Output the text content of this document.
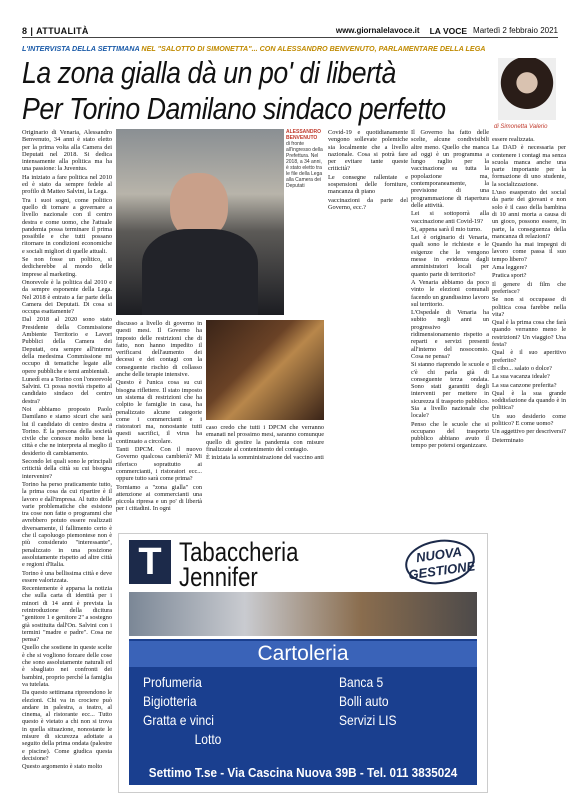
8 | ATTUALITÀ	www.giornalelavoce.it LA VOCE Martedì 2 febbraio 2021
L'INTERVISTA DELLA SETTIMANA NEL "SALOTTO DI SIMONETTA"... CON ALESSANDRO BENVENUTO, PARLAMENTARE DELLA LEGA
La zona gialla dà un po' di libertà
Per Torino Damilano sindaco perfetto
di Simonetta Valerio

Originario di Venaria, Alessandro Benvenuto, 34 anni è stato eletto per la prima volta alla Camera dei Deputati nel 2018. Si dedica intensamente alla politica ma ha una passione: la Juventus.

Ha iniziato a fare politica nel 2010 ed è stato da sempre fedele al profilo di Matteo Salvini, la Lega.

Tra i suoi sogni, come politico quello di tornare a governare a livello nazionale con il centro destra e come uomo, che l'attuale pandemia possa terminare il prima possibile e che tutti possano ritornare in condizioni economiche e sociali migliori di quelle attuali.

Se non fosse un politico, si dedicherebbe al mondo delle imprese al marketing.

Onorevole è la politica dal 2010 e da sempre esponente della Lega. Nel 2018 è entrato a far parte della Camera dei Deputati. Di cosa si occupa esattamente?

Dal 2018 al 2020 sono stato Presidente della Commissione Ambiente Territorio e Lavori Pubblici della Camera dei Deputati, ora sempre all'interno della medesima Commissione mi occupo di tematiche legate alle opere pubbliche e temi ambientali.

Lunedì era a Torino con l'onorevole Salvini. Ci possa novità rispetto al candidato sindaco del centro destra?

Noi abbiamo proposto Paolo Damilano e siamo sicuri che sarà lui il candidato di centro destra a Torino. È la persona della società civile che conosce molto bene la città e che ne interpreta al meglio il desiderio di cambiamento.

Secondo lei quali sono le principali criticità della città su cui bisogna intervenire?

Torino ha perso praticamente tutto, la prima cosa da cui ripartire è il lavoro e dall'impresa. Al tutto delle varie problematiche che esistono tra cose non fatte o programmi che avrebbero potuto essere realizzati diversamente, il fallimento certo è che il capoluogo piemontese non è più considerato "interessante", penalizzato in una posizione assolutamente rispetto ad altre città e regioni d'Italia.

Torino è una bellissima città e deve essere valorizzata.

Recentemente è apparsa la notizia che sulla carta di identità per i minori di 14 anni è prevista la reintroduzione della dicitura "genitore 1 e genitore 2" a sostegno già sostituita dall'On. Salvini con i termini "madre e padre". Cosa ne pensa?

Quello che sostiene in queste scelte è che si vogliono forzare delle cose che sono assolutamente naturali ed è sbagliato nei confronti dei bambini, proprio perché la famiglia va tutelata.

Da questo settimana ripreendono le elezioni. Chi va in crociere può andare in palestra, a teatro, al cinema, al ristorante ecc... Tutto questo è vietato a chi non si trova in quella situazione, nonostante le misure di sicurezza adottate a seguito della prima ondata (palestre e piscine). Come giudica questa decisione?

Questo argomento è stato molto

ALESSANDRO BENVENUTO
di fronte all'ingresso della Prefettura. Nel 2018, a 34 anni, è stato eletto tra le file della Lega alla Camera dei Deputati

discusso a livello di governo in questi mesi. Il Governo ha imposto delle restrizioni che di fatto, non hanno impedito il verificarsi dell'aumento dei decessi e dei contagi con la conseguente rischio di collasso anche delle terapie intensive.

Questo è l'unica cosa su cui bisogna riflettere. Il stato imposto un sistema di restrizioni che ha colpito le famiglie in casa, ha penalizzato alcune categorie come i commercianti e i ristoratori ma, nonostante tutti questi sacrifici, il virus ha continuato a circolare.

Tanti DPCM. Con il nuovo Governo qualcosa cambierà? Mi riferisco soprattutto ai commercianti, i ristoratori ecc... oppure tutto sarà come prima?

Torniamo a "zona gialla" con attenzione ai commercianti una piccola ripresa e un po' di libertà per i cittadini. In ogni

caso credo che tutti i DPCM che verranno emanati nel prossimo mesi, saranno comunque quello di gestire la pandemia con misure finalizzate al contenimento del contagio.

È iniziata la somministrazione del vaccino anti

Covid-19 e quotidianamente vengono sollevate polemiche sia localmente che a livello nazionale. Cosa si potrà fare per evitare tante queste criticità?

Le consegne rallentate e sospensioni delle forniture, mancanza di piano

vaccinazioni da parte del Governo, ecc.?

essere realizzata.

La DAD è necessaria per contenere i contagi ma senza scuola manca anche una parte importante per la formazione di uno studente, la socializzazione.

L'uso esasperato dei social da parte dei giovani e non solo è il caso della bambina di 10 anni morta a causa di un gioco, possono essere, in parte, la conseguenza della mancanza di relazioni?

Quando ha mai impegni di lavoro come passa il suo tempo libero?

Ama leggere?

Pratica sport?

Il genere di film che preferisce?

Se non si occupasse di politica cosa farebbe nella vita?

Qual è la prima cosa che farà quando verranno meno le restrizioni? Un viaggio? Una festa?

Qual è il suo aperitivo preferito?

Il cibo... salato o dolce?

La sua vacanza ideale?

La sua canzone preferita?

Qual è la sua grande soddisfazione da quando è in politica?

Un suo desiderio come politico? E come uomo?

Un aggettivo per descriversi?

Determinato

Il Governo ha fatto delle scelte, alcune condivisibili altre meno. Quello che manca ad oggi è un programma a lungo raglio per la vaccinazione su tutta la popolazione ma, contemporaneamente, la previsione di una programmazione di riapertura delle attività.

Lei si sottoporrà alla vaccinazione anti Covid-19?

Si, appena sarà il mio turno.

Lei è originario di Venaria, quali sono le richieste e le esigenze che le vengono messe in evidenza dagli amministratori locali per quanto parte di territorio?

A Venaria abbiamo da poco vinto le elezioni comunali facendo un grandissimo lavoro sul territorio.

L'Ospedale di Venaria ha subito negli anni un progressivo ridimensionamento rispetto a reparti e servizi presenti all'interno del nosocomio. Cosa ne pensa?

Si stanno riaprendo le scuole e c'è chi parla già di conseguente terza ondata. Sono stati garantiti degli interventi per mettere in sicurezza il trasporto pubblico. Sia a livello nazionale che locale?

Penso che le scuole che si occupano del trasporto pubblico abbiano avuto il tempo per potersi organizzare.

T Tabaccheria
Jennifer
NUOVA GESTIONE
Cartoleria
Profumeria
Bigiotteria
Gratta e vinci
Lotto
Banca 5
Bolli auto
Servizi LIS
Settimo T.se - Via Cascina Nuova 39B - Tel. 011 3835024
